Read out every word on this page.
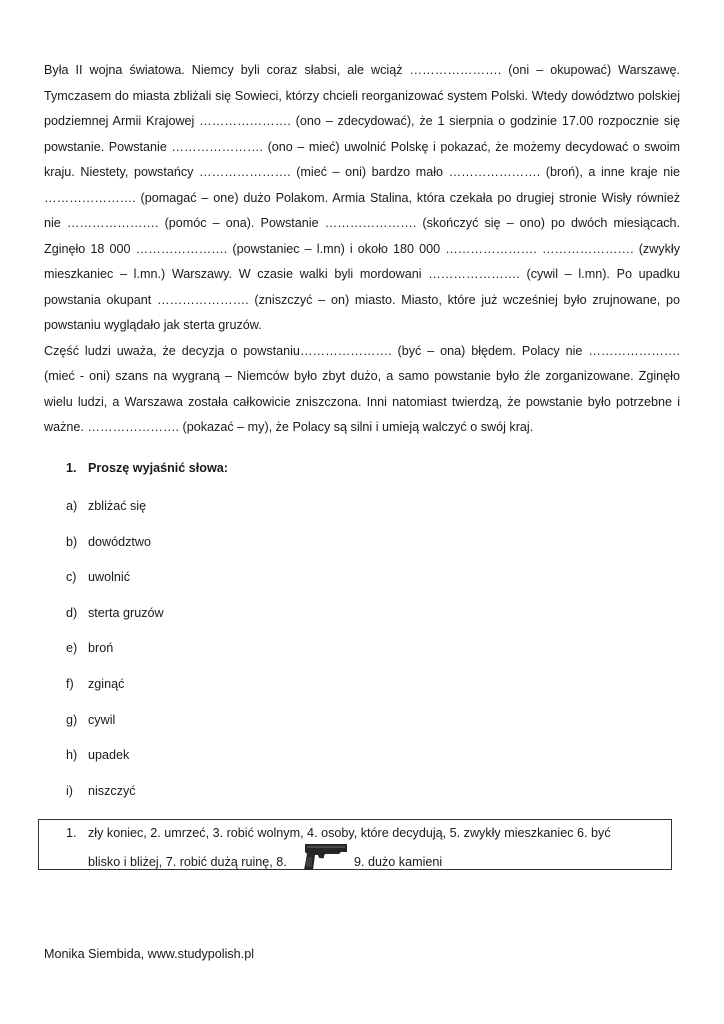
Była II wojna światowa. Niemcy byli coraz słabsi, ale wciąż …………………. (oni – okupować) Warszawę. Tymczasem do miasta zbliżali się Sowieci, którzy chcieli reorganizować system Polski. Wtedy dowództwo polskiej podziemnej Armii Krajowej …………………. (ono – zdecydować), że 1 sierpnia o godzinie 17.00 rozpocznie się powstanie. Powstanie …………………. (ono – mieć) uwolnić Polskę i pokazać, że możemy decydować o swoim kraju. Niestety, powstańcy …………………. (mieć – oni) bardzo mało …………………. (broń), a inne kraje nie …………………. (pomagać – one) dużo Polakom. Armia Stalina, która czekała po drugiej stronie Wisły również nie …………………. (pomóc – ona). Powstanie …………………. (skończyć się – ono) po dwóch miesiącach. Zginęło 18 000 …………………. (powstaniec – l.mn) i około 180 000 …………………. …………………. (zwykły mieszkaniec – l.mn.) Warszawy. W czasie walki byli mordowani …………………. (cywil – l.mn). Po upadku powstania okupant …………………. (zniszczyć – on) miasto. Miasto, które już wcześniej było zrujnowane, po powstaniu wyglądało jak sterta gruzów.

Część ludzi uważa, że decyzja o powstaniu…………………. (być – ona) błędem. Polacy nie …………………. (mieć - oni) szans na wygraną – Niemców było zbyt dużo, a samo powstanie było źle zorganizowane. Zginęło wielu ludzi, a Warszawa została całkowicie zniszczona. Inni natomiast twierdzą, że powstanie było potrzebne i ważne. …………………. (pokazać – my), że Polacy są silni i umieją walczyć o swój kraj.

1. Proszę wyjaśnić słowa:
a) zbliżać się
b) dowództwo
c) uwolnić
d) sterta gruzów
e) broń
f) zginąć
g) cywil
h) upadek
i) niszczyć
1. zły koniec, 2. umrzeć, 3. robić wolnym, 4. osoby, które decydują, 5. zwykły mieszkaniec 6. być
blisko i bliżej, 7. robić dużą ruinę, 8.	9. dużo kamieni
Monika Siembida, www.studypolish.pl
